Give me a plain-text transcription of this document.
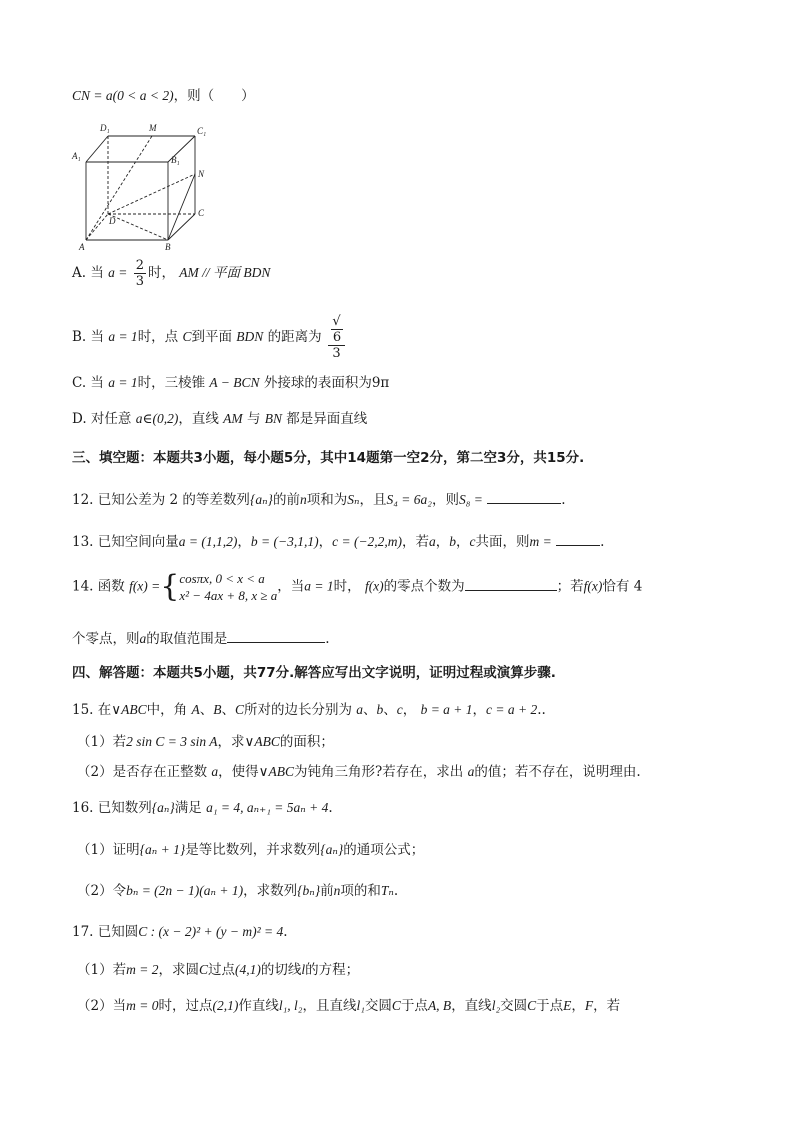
CN = a(0 < a < 2)，则（　　）
D₁	M	C₁
A₁	B₁
N
D
C
A	B
A. 当 $a = \frac{2}{3}$ 时， AM // 平面 BDN
B. 当 a = 1时，点 C到平面 BDN 的距离为 √
6
3
C. 当 a = 1时，三棱锥 A − BCN 外接球的表面积为9π
D. 对任意 a∈(0,2)，直线 AM 与 BN 都是异面直线
三、填空题：本题共3小题，每小题5分，其中14题第一空2分，第二空3分，共15分.
12. 已知公差为 2 的等差数列{aₙ}的前n项和为Sₙ，且S₄ = 6a₂，则S₈ =	.
13. 已知空间向量a = (1,1,2)，b = (−3,1,1)，c = (−2,2,m)，若a，b，c共面，则m =	.
14. 函数 f(x) ={ cosπx, 0 < x < a
x² − 4ax + 8, x ≥ a
，当a = 1时， f(x)的零点个数为	；若f(x)恰有 4
个零点，则a的取值范围是	.
四、解答题：本题共5小题，共77分.解答应写出文字说明，证明过程或演算步骤.
15. 在∨ABC中，角 A、B、C所对的边长分别为 a、b、c， b = a + 1，c = a + 2..
（1）若2 sin C = 3 sin A，求∨ABC的面积；
（2）是否存在正整数 a，使得∨ABC为钝角三角形?若存在，求出 a的值；若不存在，说明理由.
16. 已知数列{aₙ}满足 a₁ = 4, aₙ₊₁ = 5aₙ + 4.
（1）证明{aₙ + 1}是等比数列，并求数列{aₙ}的通项公式；
（2）令bₙ = (2n − 1)(aₙ + 1)，求数列{bₙ}前n项的和Tₙ.
17. 已知圆C : (x − 2)² + (y − m)² = 4.
（1）若m = 2，求圆C过点(4,1)的切线l的方程；
（2）当m = 0时，过点(2,1)作直线l₁, l₂，且直线l₁交圆C于点A, B，直线l₂交圆C于点E，F，若
